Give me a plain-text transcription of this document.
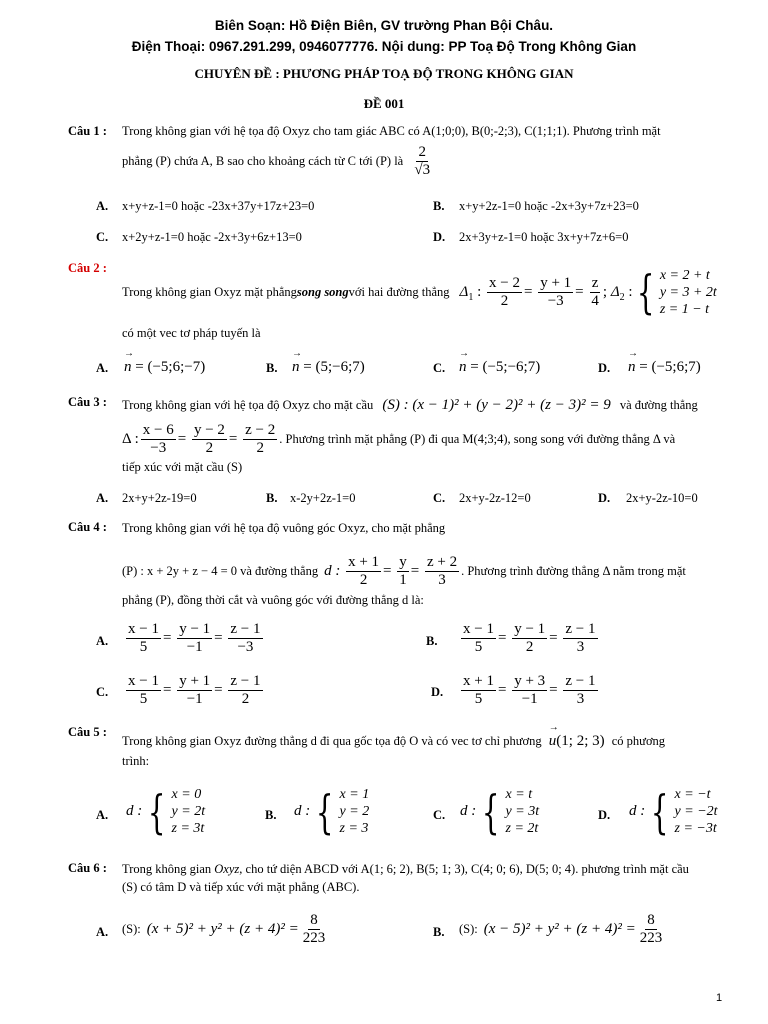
Biên Soạn: Hồ Điện Biên, GV trường Phan Bội Châu.
Điện Thoại: 0967.291.299, 0946077776. Nội dung: PP Toạ Độ Trong Không Gian
CHUYÊN ĐỀ : PHƯƠNG PHÁP TOẠ ĐỘ TRONG KHÔNG GIAN
ĐỀ 001
Câu 1 : Trong không gian với hệ tọa độ Oxyz cho tam giác ABC có A(1;0;0), B(0;-2;3), C(1;1;1). Phương trình mặt
phẳng (P) chứa A, B sao cho khoảng cách từ C tới (P) là $\frac{2}{√3}$
A. x+y+z-1=0 hoặc -23x+37y+17z+23=0	B. x+y+2z-1=0 hoặc -2x+3y+7z+23=0
C. x+2y+z-1=0 hoặc -2x+3y+6z+13=0	D. 2x+3y+z-1=0 hoặc 3x+y+7z+6=0
Câu 2 :
Trong không gian Oxyz mặt phẳng song song với hai đường thẳng $\Delta_1$ : $\frac{x - 2}{2} = \frac{y + 1}{-3} = \frac{z}{4}$ ; $\Delta_2$ : { x = 2 + t
y = 3 + 2t
z = 1 − t
có một vec tơ pháp tuyến là
A. → n = (−5;6;−7)	B. → n = (5;−6;7)	C. → n = (−5;−6;7)	D. → n = (−5;6;7)
Câu 3 : Trong không gian với hệ tọa độ Oxyz cho mặt cầu (S) : (x − 1)² + (y − 2)² + (z − 3)² = 9 và đường thẳng
Δ : $\frac{x - 6}{-3} = \frac{y - 2}{2} = \frac{z - 2}{2}$ . Phương trình mặt phẳng (P) đi qua M(4;3;4), song song với đường thẳng Δ và
tiếp xúc với mặt cầu (S)
A. 2x+y+2z-19=0	B. x-2y+2z-1=0	C. 2x+y-2z-12=0	D. 2x+y-2z-10=0
Câu 4 : Trong không gian với hệ tọa độ vuông góc Oxyz, cho mặt phẳng
(P) : x + 2y + z − 4 = 0 và đường thẳng d : $\frac{x + 1}{2} = \frac{y}{1} = \frac{z + 2}{3}$ . Phương trình đường thẳng Δ nằm trong mặt
phẳng (P), đồng thời cắt và vuông góc với đường thẳng d là:
A. $\frac{x - 1}{5} = \frac{y - 1}{-1} = \frac{z - 1}{-3}$	B. $\frac{x - 1}{5} = \frac{y - 1}{2} = \frac{z - 1}{3}$
C. $\frac{x - 1}{5} = \frac{y + 1}{-1} = \frac{z - 1}{2}$	D. $\frac{x + 1}{5} = \frac{y + 3}{-1} = \frac{z - 1}{3}$
Câu 5 :
Trong không gian Oxyz đường thẳng d đi qua gốc tọa độ O và có vec tơ chỉ phương → u(1; 2; 3) có phương
trình:
A. d : { x = 0
y = 2t
z = 3t
B. d : { x = 1
y = 2
z = 3
C. d : { x = t
y = 3t
z = 2t
D. d : { x = −t
y = −2t
z = −3t
Câu 6 : Trong không gian Oxyz, cho tứ diện ABCD với A(1; 6; 2), B(5; 1; 3), C(4; 0; 6), D(5; 0; 4). phương trình mặt cầu
(S) có tâm D và tiếp xúc với mặt phẳng (ABC).
A. (S): $(x + 5)^2 + y^2 + (z + 4)^2 = \frac{8}{223}$	B. (S): $(x - 5)^2 + y^2 + (z + 4)^2 = \frac{8}{223}$
1
